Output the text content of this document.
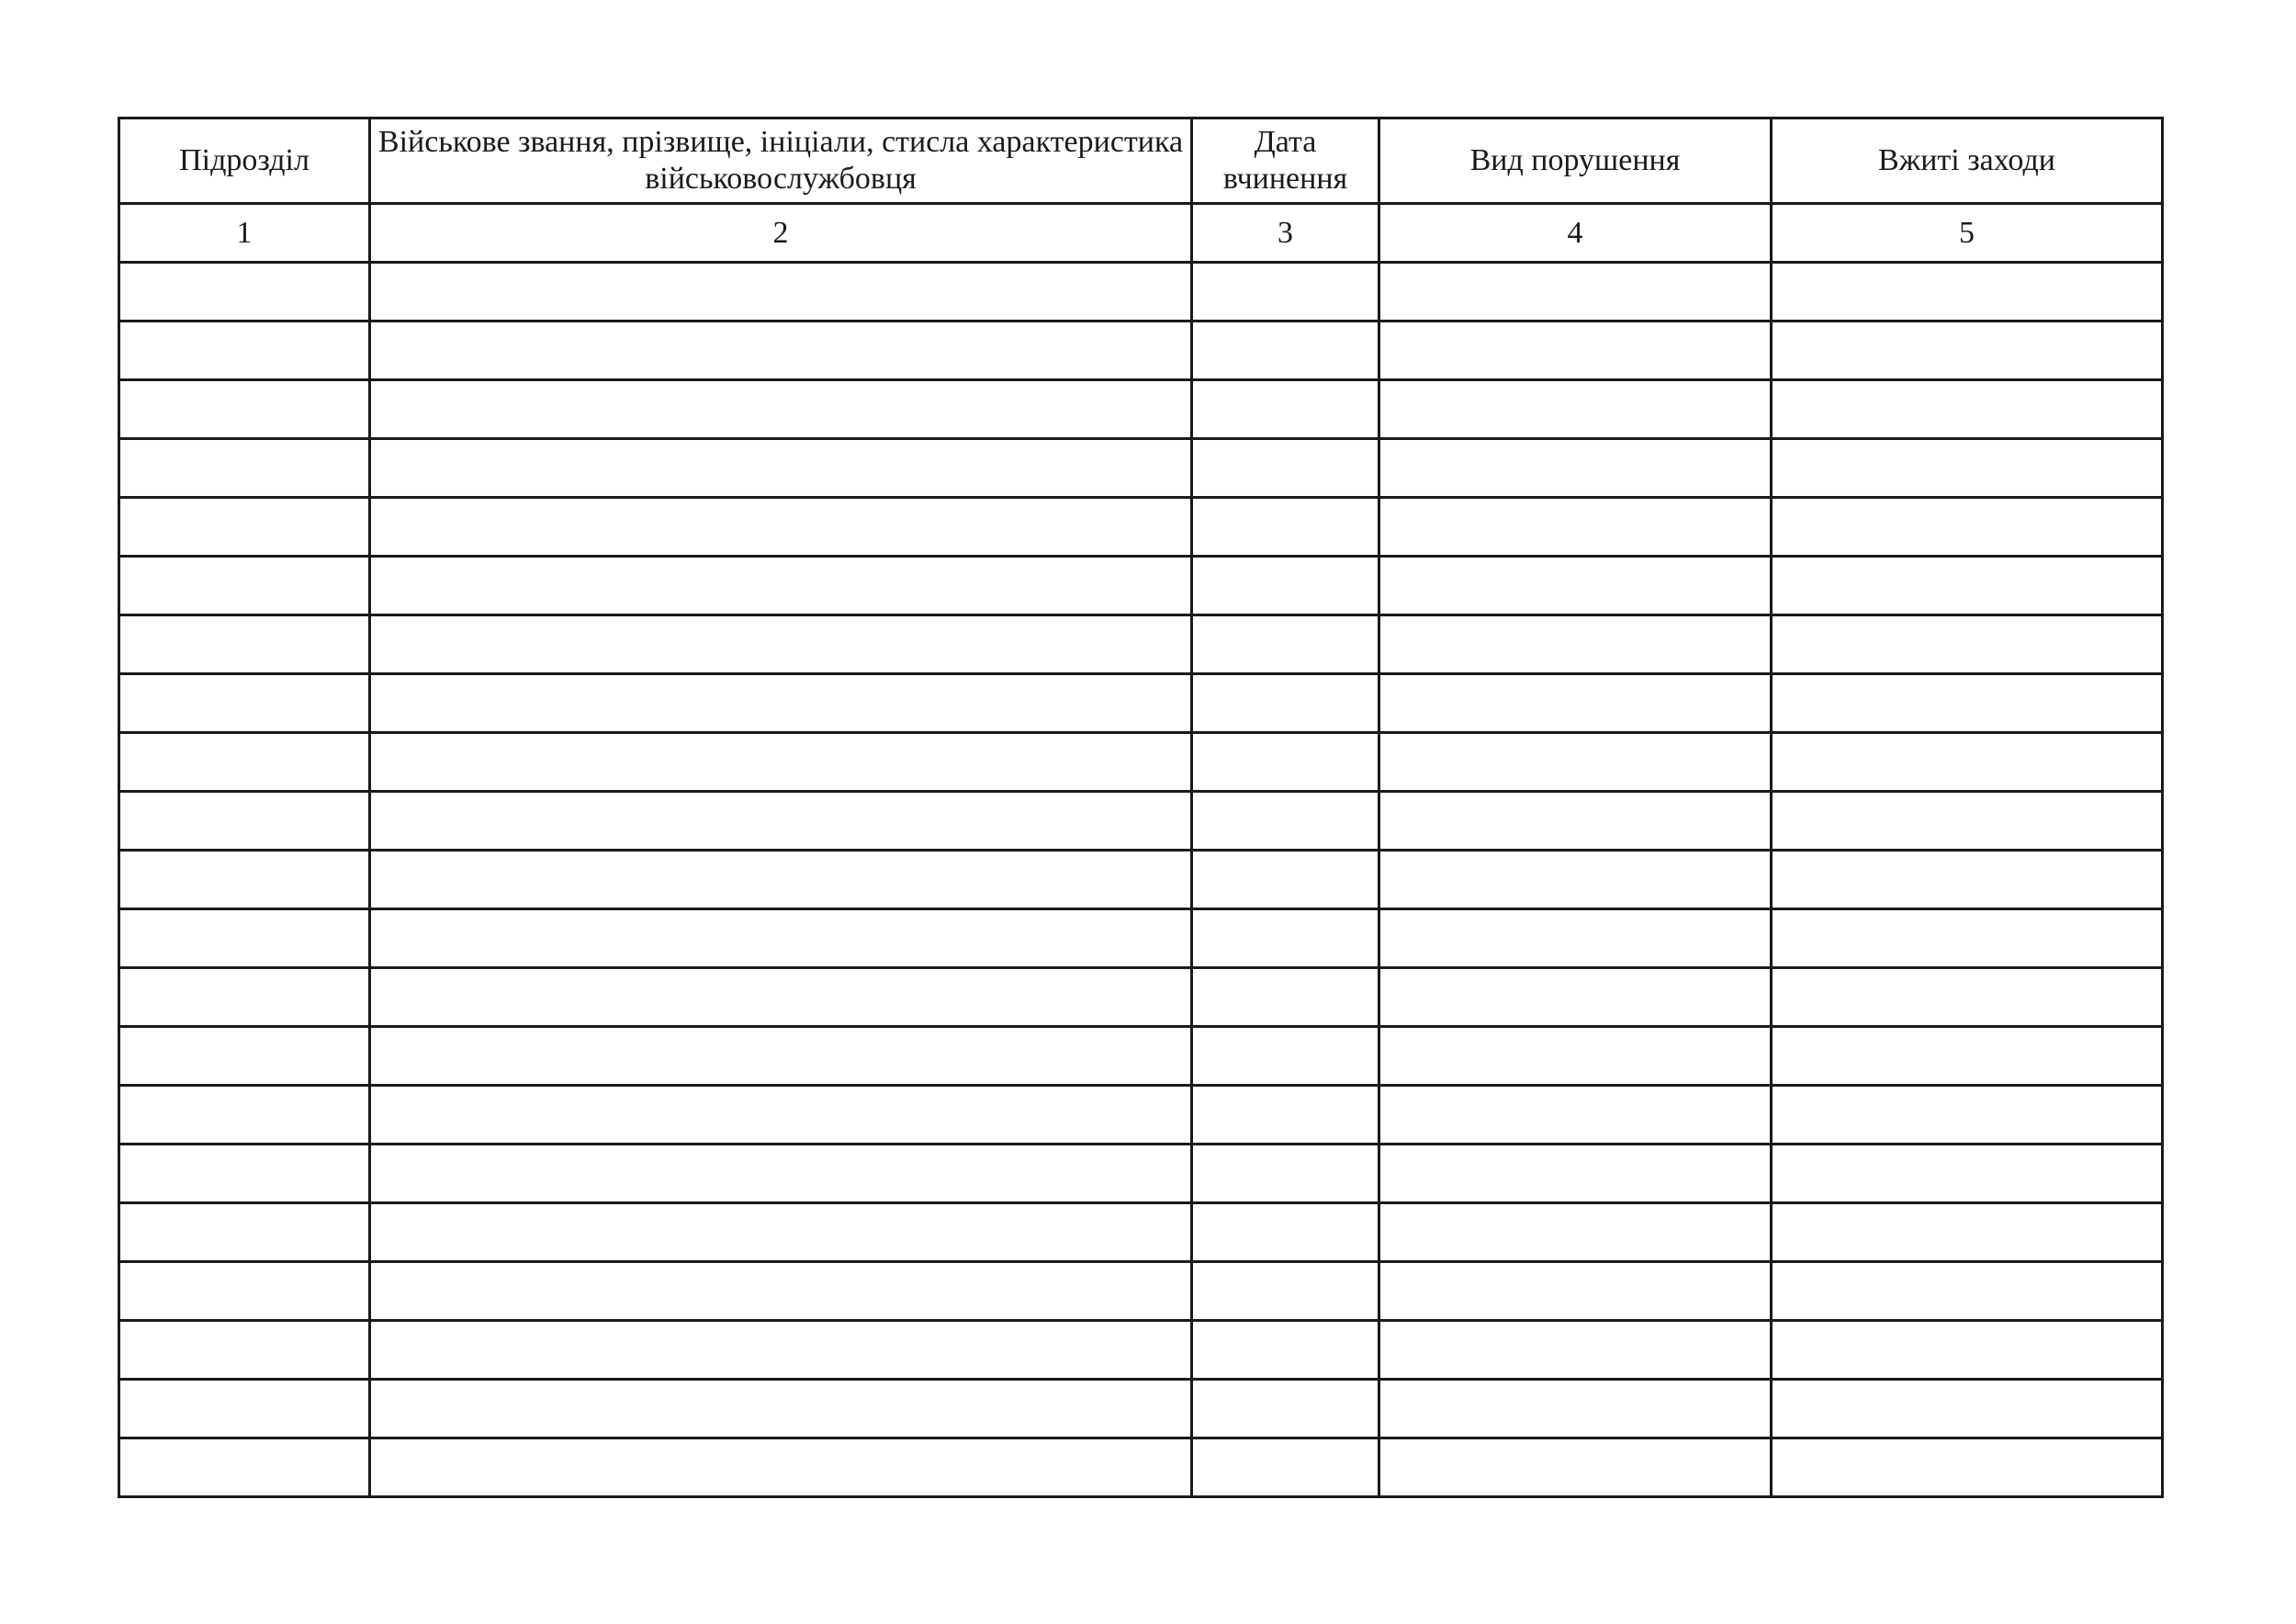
Підрозділ	Військове звання, прізвище, ініціали, стисла характеристика військовослужбовця	Дата вчинення	Вид порушення	Вжиті заходи
1	2	3	4	5
